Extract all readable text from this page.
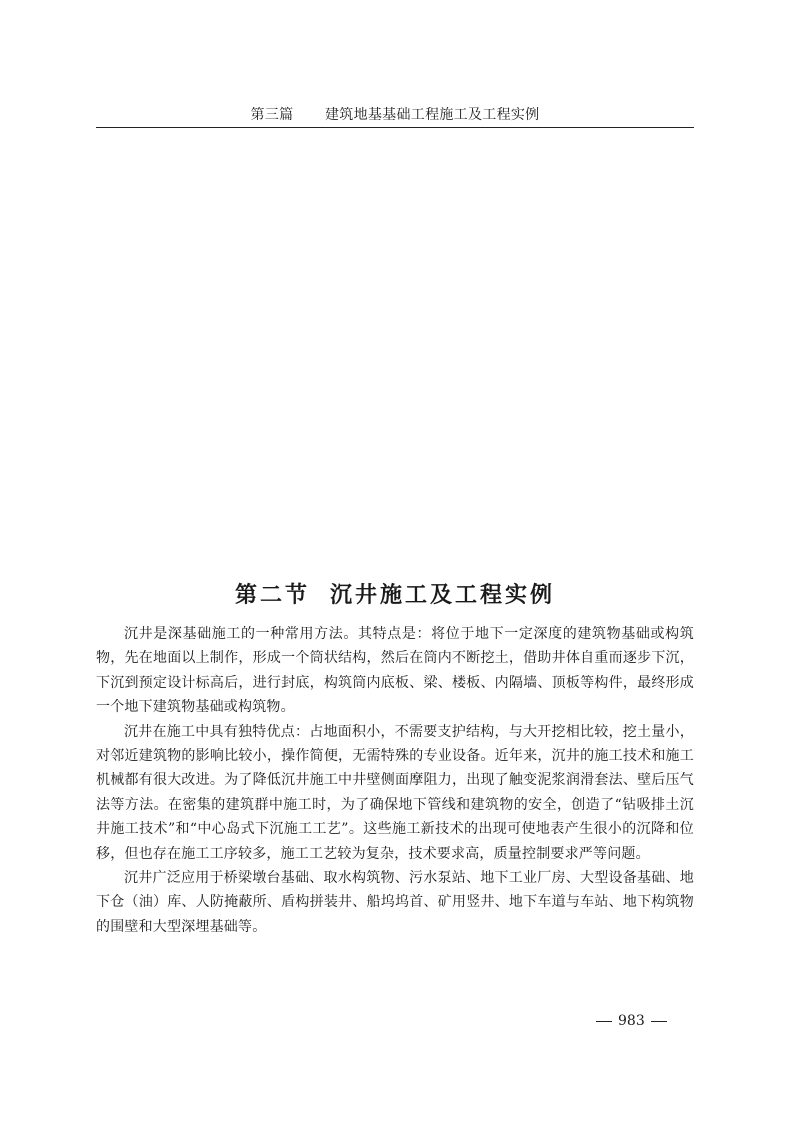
第三篇 建筑地基基础工程施工及工程实例
第二节 沉井施工及工程实例

沉井是深基础施工的一种常用方法。其特点是：将位于地下一定深度的建筑物基础或构筑物，先在地面以上制作，形成一个筒状结构，然后在筒内不断挖土，借助井体自重而逐步下沉，下沉到预定设计标高后，进行封底，构筑筒内底板、梁、楼板、内隔墙、顶板等构件，最终形成一个地下建筑物基础或构筑物。

沉井在施工中具有独特优点：占地面积小，不需要支护结构，与大开挖相比较，挖土量小，对邻近建筑物的影响比较小，操作简便，无需特殊的专业设备。近年来，沉井的施工技术和施工机械都有很大改进。为了降低沉井施工中井壁侧面摩阻力，出现了触变泥浆润滑套法、壁后压气法等方法。在密集的建筑群中施工时，为了确保地下管线和建筑物的安全，创造了“钻吸排土沉井施工技术”和“中心岛式下沉施工工艺”。这些施工新技术的出现可使地表产生很小的沉降和位移，但也存在施工工序较多，施工工艺较为复杂，技术要求高，质量控制要求严等问题。

沉井广泛应用于桥梁墩台基础、取水构筑物、污水泵站、地下工业厂房、大型设备基础、地下仓（油）库、人防掩蔽所、盾构拼装井、船坞坞首、矿用竖井、地下车道与车站、地下构筑物的围壁和大型深埋基础等。

983
